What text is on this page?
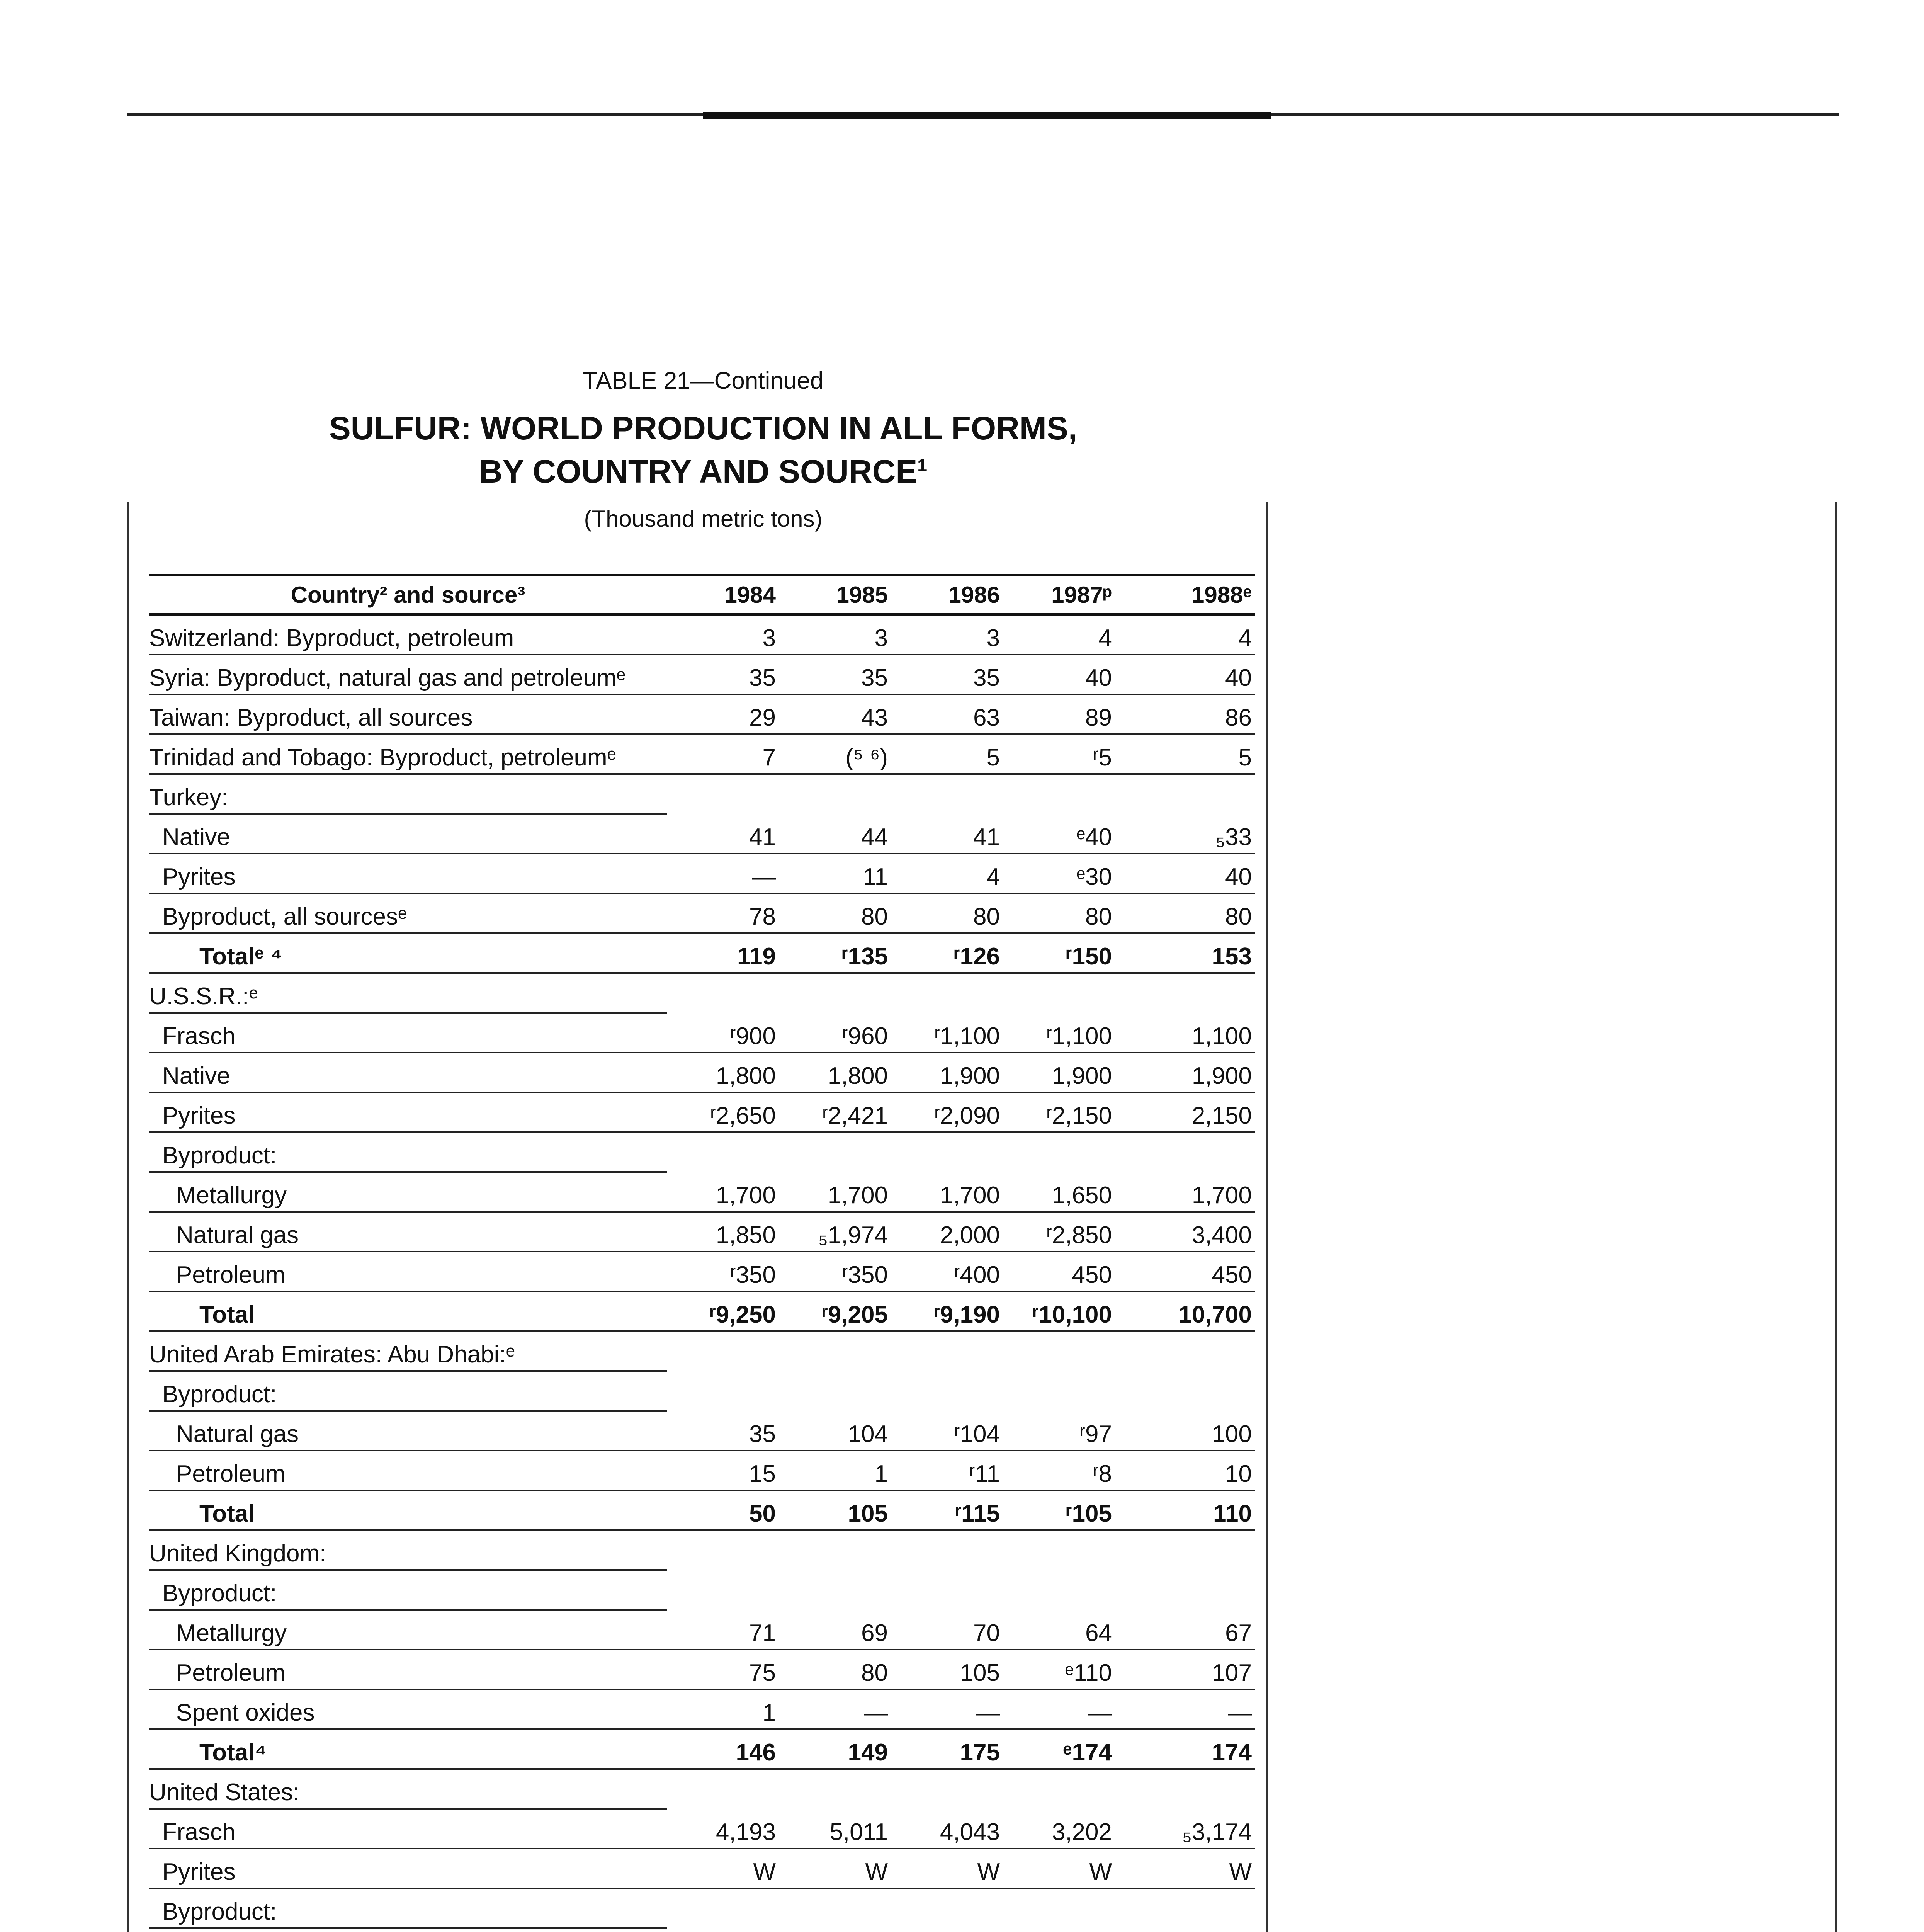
TABLE 21—Continued
SULFUR: WORLD PRODUCTION IN ALL FORMS,
BY COUNTRY AND SOURCE$^1$
(Thousand metric tons)
Country² and source³	1984	1985	1986	1987ᵖ	1988ᵉ
Switzerland: Byproduct, petroleum	3	3	3	4	4
Syria: Byproduct, natural gas and petroleumᵉ	35	35	35	40	40
Taiwan: Byproduct, all sources	29	43	63	89	86
Trinidad and Tobago: Byproduct, petroleumᵉ	7	(⁵ ⁶)	5	ʳ5	5
Turkey:					
Native	41	44	41	ᵉ40	₅33
Pyrites	—	11	4	ᵉ30	40
Byproduct, all sourcesᵉ	78	80	80	80	80
Totalᵉ ⁴	119	ʳ135	ʳ126	ʳ150	153
U.S.S.R.:ᵉ					
Frasch	ʳ900	ʳ960	ʳ1,100	ʳ1,100	1,100
Native	1,800	1,800	1,900	1,900	1,900
Pyrites	ʳ2,650	ʳ2,421	ʳ2,090	ʳ2,150	2,150
Byproduct:					
Metallurgy	1,700	1,700	1,700	1,650	1,700
Natural gas	1,850	₅1,974	2,000	ʳ2,850	3,400
Petroleum	ʳ350	ʳ350	ʳ400	450	450
Total	ʳ9,250	ʳ9,205	ʳ9,190	ʳ10,100	10,700
United Arab Emirates: Abu Dhabi:ᵉ					
Byproduct:					
Natural gas	35	104	ʳ104	ʳ97	100
Petroleum	15	1	ʳ11	ʳ8	10
Total	50	105	ʳ115	ʳ105	110
United Kingdom:					
Byproduct:					
Metallurgy	71	69	70	64	67
Petroleum	75	80	105	ᵉ110	107
Spent oxides	1	—	—	—	—
Total⁴	146	149	175	ᵉ174	174
United States:					
Frasch	4,193	5,011	4,043	3,202	₅3,174
Pyrites	W	W	W	W	W
Byproduct:					
